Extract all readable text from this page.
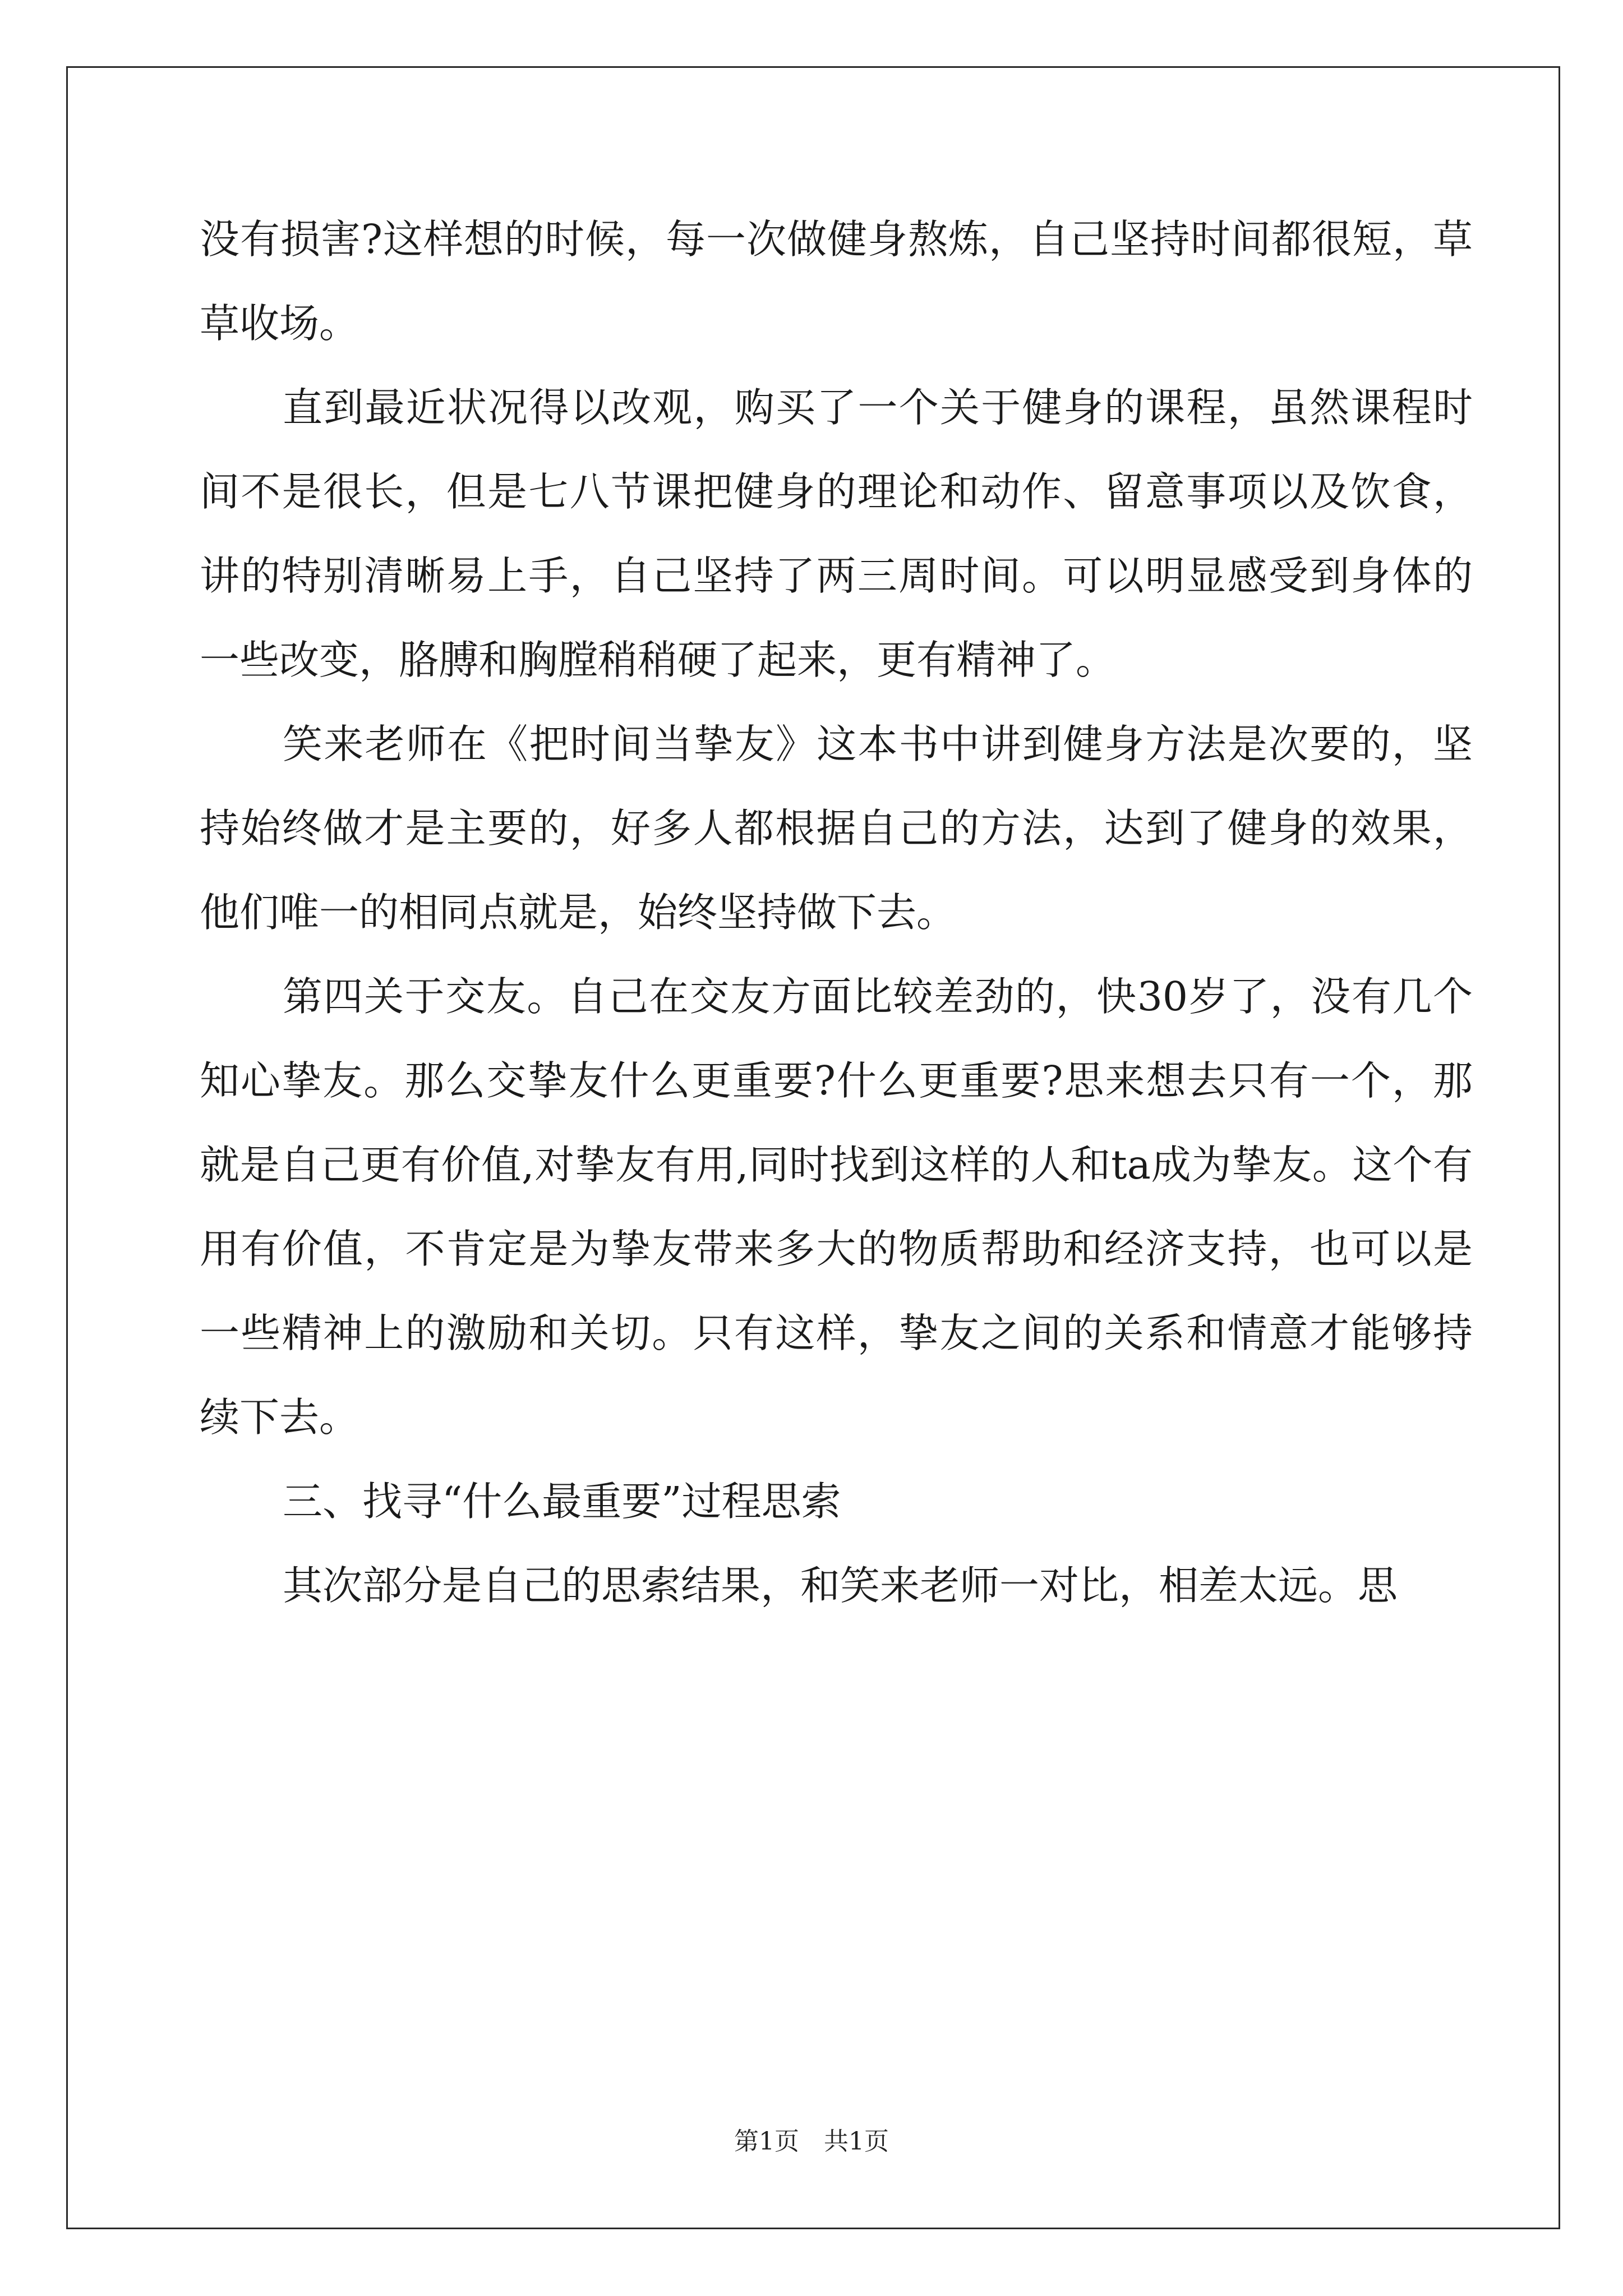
没有损害?这样想的时候，每一次做健身熬炼，自己坚持时间都很短，草草收场。

直到最近状况得以改观，购买了一个关于健身的课程，虽然课程时间不是很长，但是七八节课把健身的理论和动作、留意事项以及饮食，讲的特别清晰易上手，自己坚持了两三周时间。可以明显感受到身体的一些改变，胳膊和胸膛稍稍硬了起来，更有精神了。

笑来老师在《把时间当挚友》这本书中讲到健身方法是次要的，坚持始终做才是主要的，好多人都根据自己的方法，达到了健身的效果，他们唯一的相同点就是，始终坚持做下去。

第四关于交友。自己在交友方面比较差劲的，快30岁了，没有几个知心挚友。那么交挚友什么更重要?什么更重要?思来想去只有一个，那就是自己更有价值,对挚友有用,同时找到这样的人和ta成为挚友。这个有用有价值，不肯定是为挚友带来多大的物质帮助和经济支持，也可以是一些精神上的激励和关切。只有这样，挚友之间的关系和情意才能够持续下去。

三、找寻“什么最重要”过程思索

其次部分是自己的思索结果，和笑来老师一对比，相差太远。思

第1页　共1页
